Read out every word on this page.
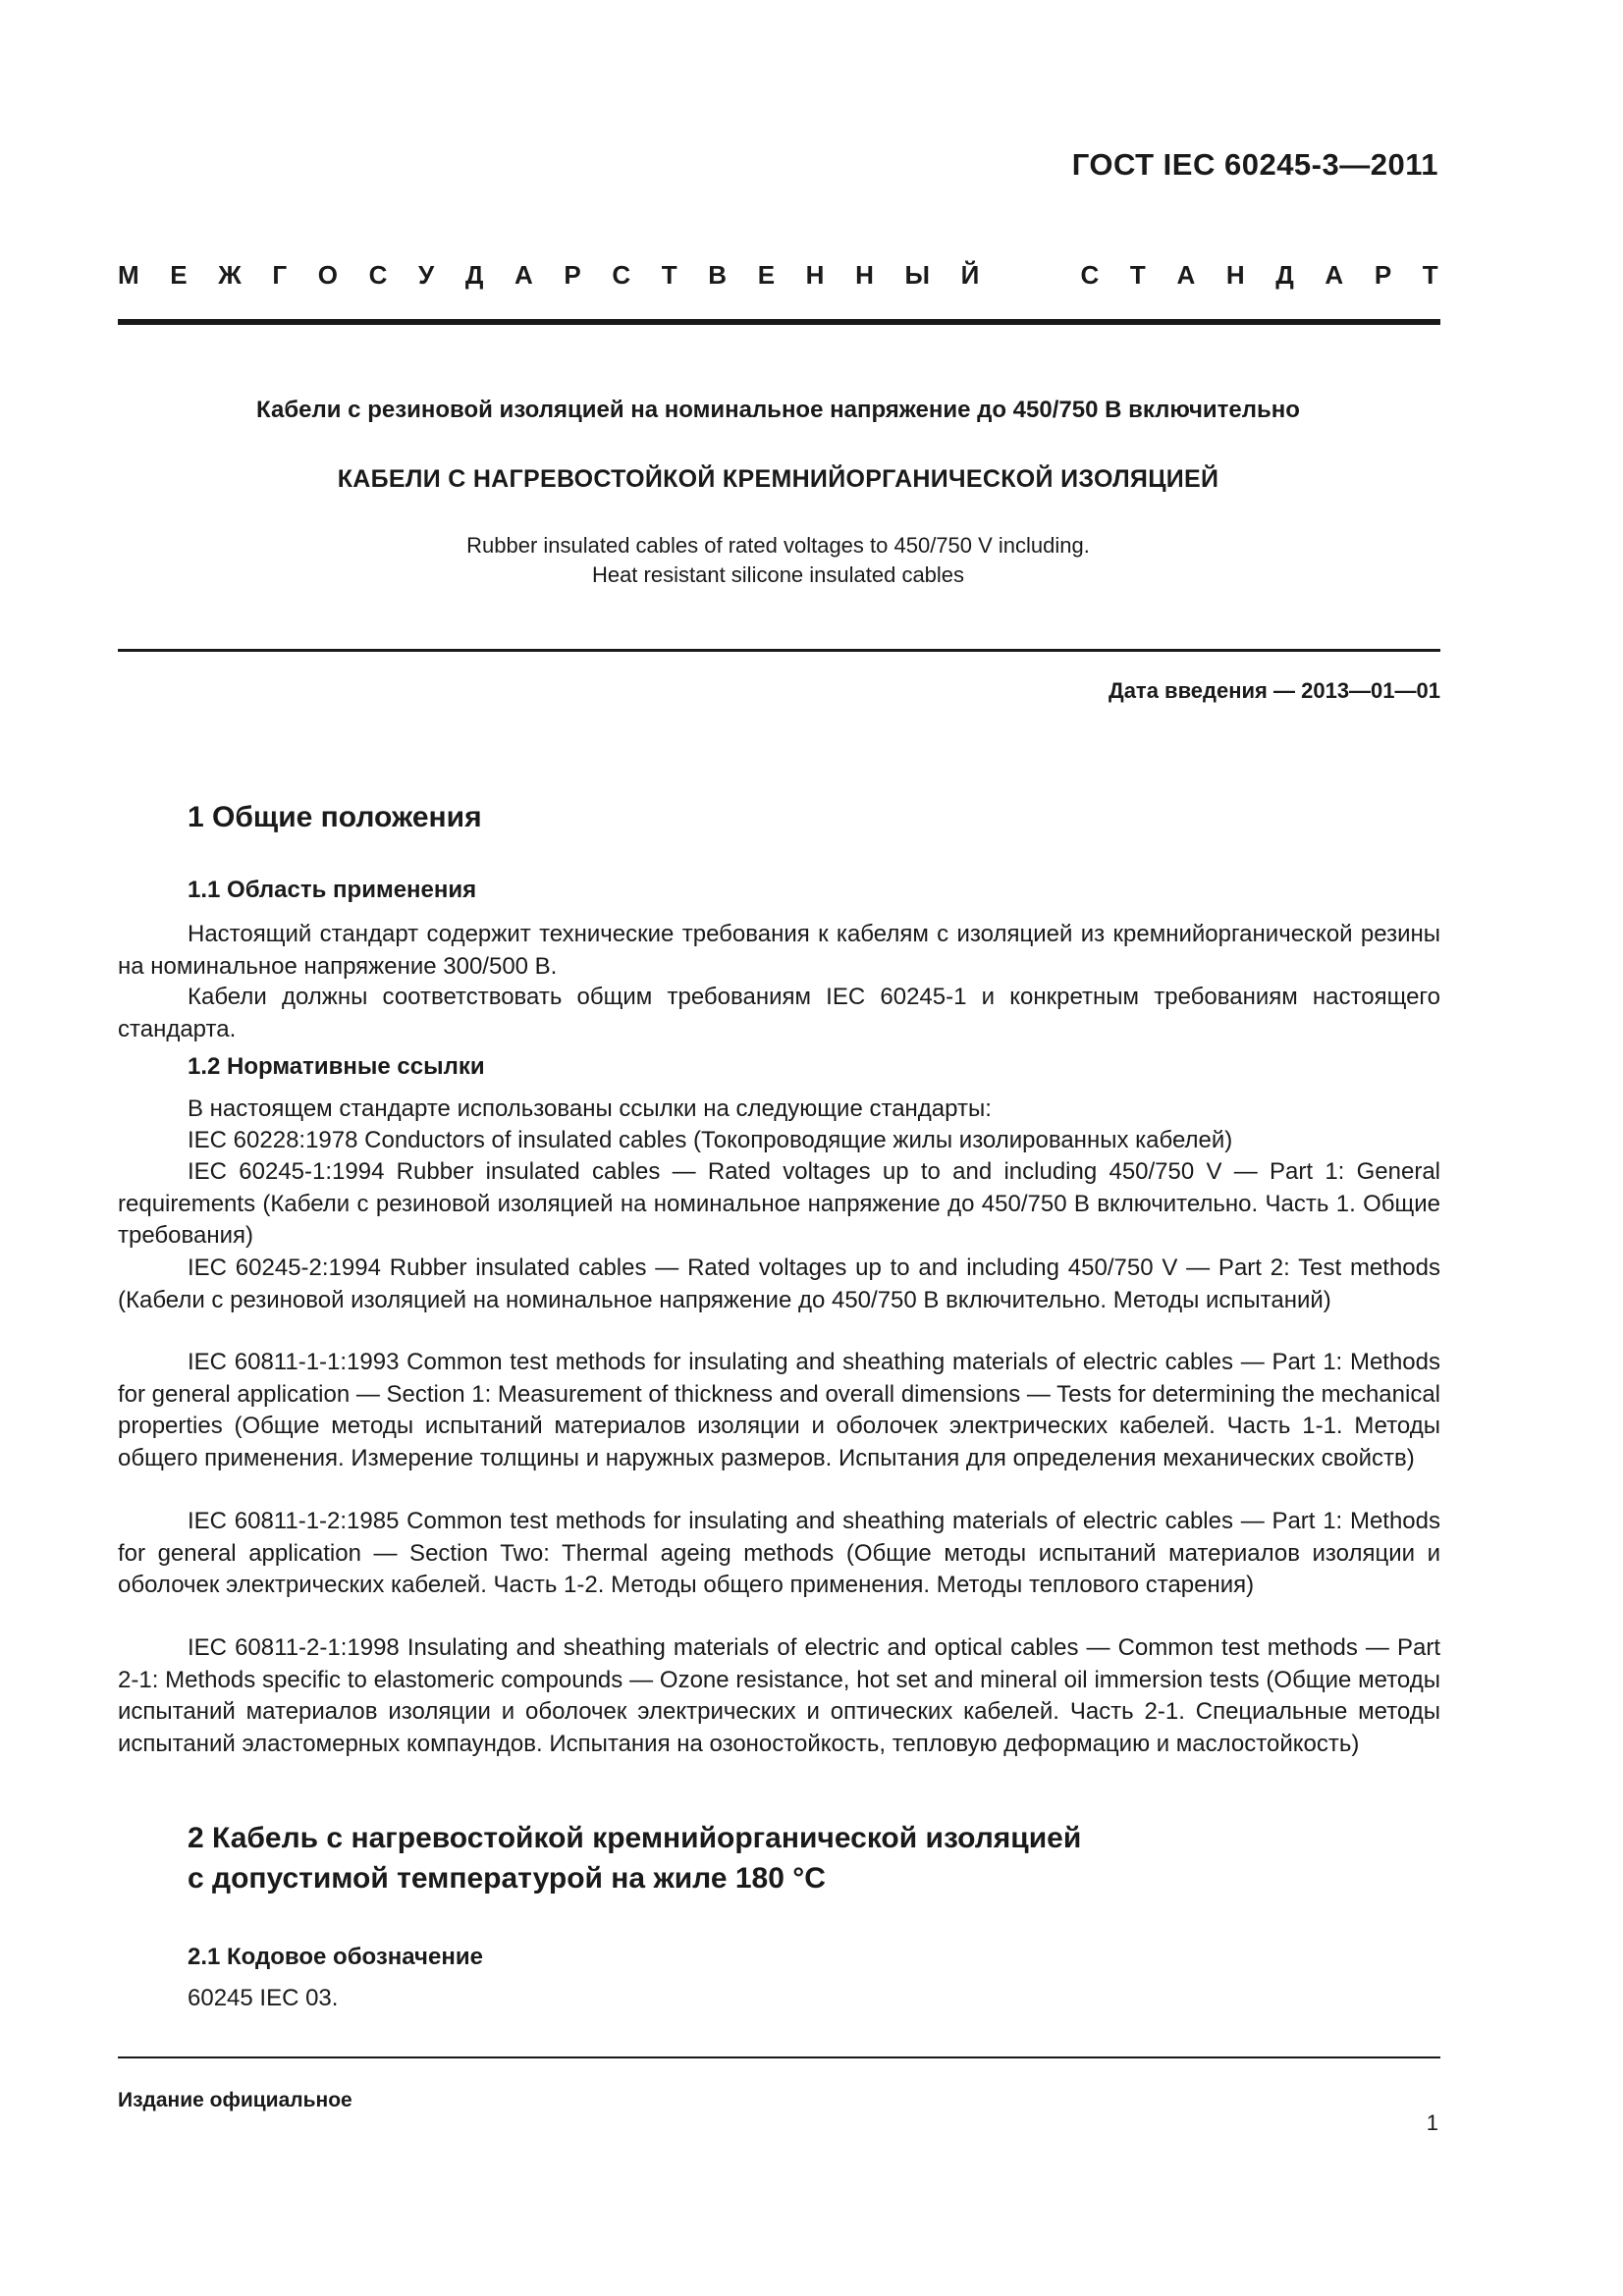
ГОСТ IEC 60245-3—2011

М Е Ж Г О С У Д А Р С Т В Е Н Н Ы Й	С Т А Н Д А Р Т

Кабели с резиновой изоляцией на номинальное напряжение до 450/750 В включительно

КАБЕЛИ С НАГРЕВОСТОЙКОЙ КРЕМНИЙОРГАНИЧЕСКОЙ ИЗОЛЯЦИЕЙ

Rubber insulated cables of rated voltages to 450/750 V including.

Heat resistant silicone insulated cables

Дата введения — 2013—01—01

1 Общие положения

1.1 Область применения

Настоящий стандарт содержит технические требования к кабелям с изоляцией из кремнийорганической резины на номинальное напряжение 300/500 В.

Кабели должны соответствовать общим требованиям IEC 60245-1 и конкретным требованиям настоящего стандарта.

1.2 Нормативные ссылки

В настоящем стандарте использованы ссылки на следующие стандарты:

IEC 60228:1978 Conductors of insulated cables (Токопроводящие жилы изолированных кабелей)

IEC 60245-1:1994 Rubber insulated cables — Rated voltages up to and including 450/750 V — Part 1: General requirements (Кабели с резиновой изоляцией на номинальное напряжение до 450/750 В включительно. Часть 1. Общие требования)

IEC 60245-2:1994 Rubber insulated cables — Rated voltages up to and including 450/750 V — Part 2: Test methods (Кабели с резиновой изоляцией на номинальное напряжение до 450/750 В включительно. Методы испытаний)

IEC 60811-1-1:1993 Common test methods for insulating and sheathing materials of electric cables — Part 1: Methods for general application — Section 1: Measurement of thickness and overall dimensions — Tests for determining the mechanical properties (Общие методы испытаний материалов изоляции и оболочек электрических кабелей. Часть 1-1. Методы общего применения. Измерение толщины и наружных размеров. Испытания для определения механических свойств)

IEC 60811-1-2:1985 Common test methods for insulating and sheathing materials of electric cables — Part 1: Methods for general application — Section Two: Thermal ageing methods (Общие методы испытаний материалов изоляции и оболочек электрических кабелей. Часть 1-2. Методы общего применения. Методы теплового старения)

IEC 60811-2-1:1998 Insulating and sheathing materials of electric and optical cables — Common test methods — Part 2-1: Methods specific to elastomeric compounds — Ozone resistance, hot set and mineral oil immersion tests (Общие методы испытаний материалов изоляции и оболочек электрических и оптических кабелей. Часть 2-1. Специальные методы испытаний эластомерных компаундов. Испытания на озоностойкость, тепловую деформацию и маслостойкость)

2 Кабель с нагревостойкой кремнийорганической изоляцией

с допустимой температурой на жиле 180 °С

2.1 Кодовое обозначение

60245 IEC 03.

Издание официальное

1
